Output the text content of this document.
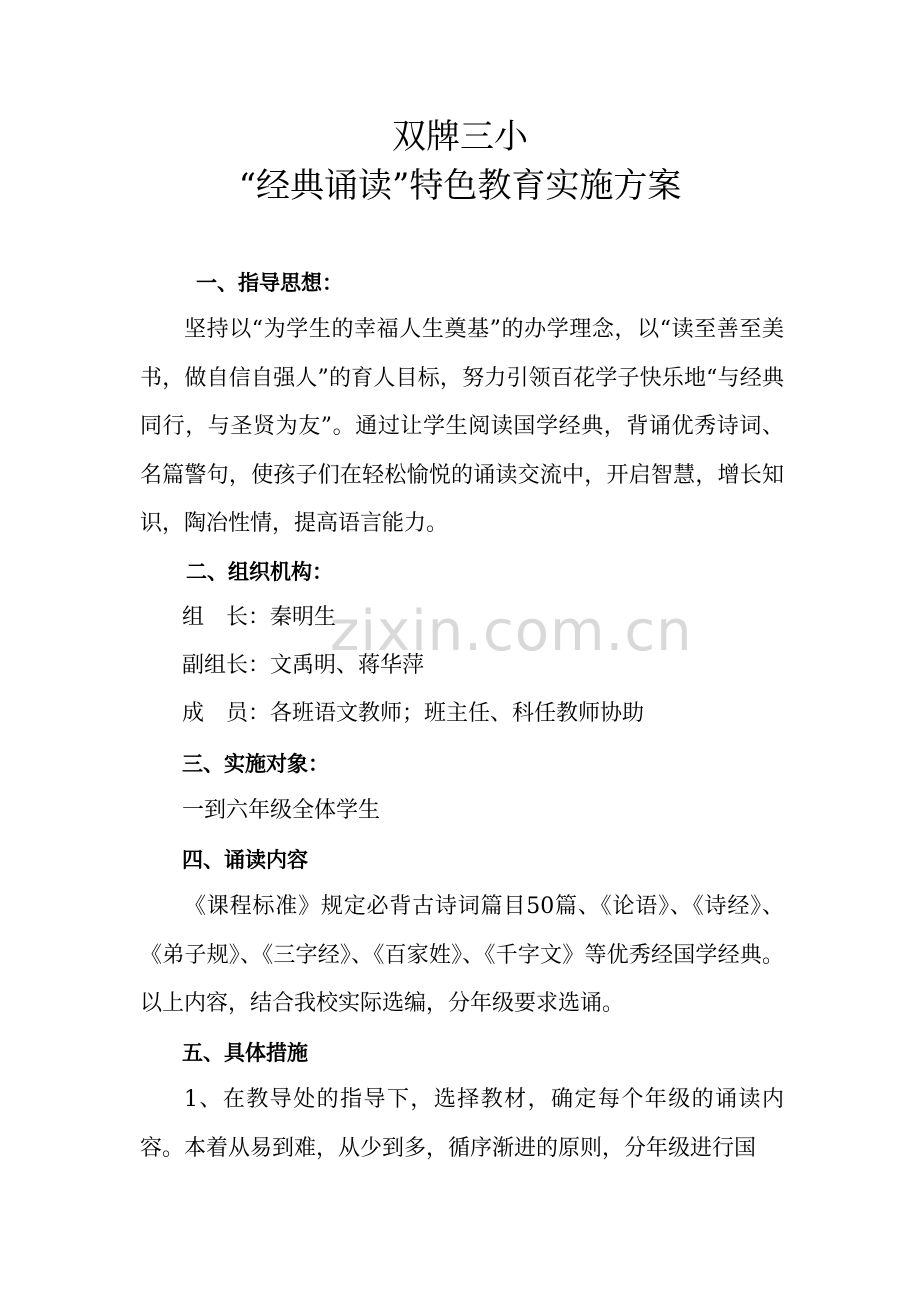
双牌三小
“经典诵读”特色教育实施方案
一、指导思想：
坚持以“为学生的幸福人生奠基”的办学理念，以“读至善至美书，做自信自强人”的育人目标，努力引领百花学子快乐地“与经典同行，与圣贤为友”。通过让学生阅读国学经典，背诵优秀诗词、名篇警句，使孩子们在轻松愉悦的诵读交流中，开启智慧，增长知识，陶冶性情，提高语言能力。
二、组织机构：
组　长：秦明生
副组长：文禹明、蒋华萍
成　员：各班语文教师；班主任、科任教师协助
三、实施对象：
一到六年级全体学生
四、诵读内容
《课程标准》规定必背古诗词篇目50篇、《论语》、《诗经》、《弟子规》、《三字经》、《百家姓》、《千字文》等优秀经国学经典。以上内容，结合我校实际选编，分年级要求选诵。
五、具体措施
1、在教导处的指导下，选择教材，确定每个年级的诵读内容。本着从易到难，从少到多，循序渐进的原则，分年级进行国
zixin.com.cn
